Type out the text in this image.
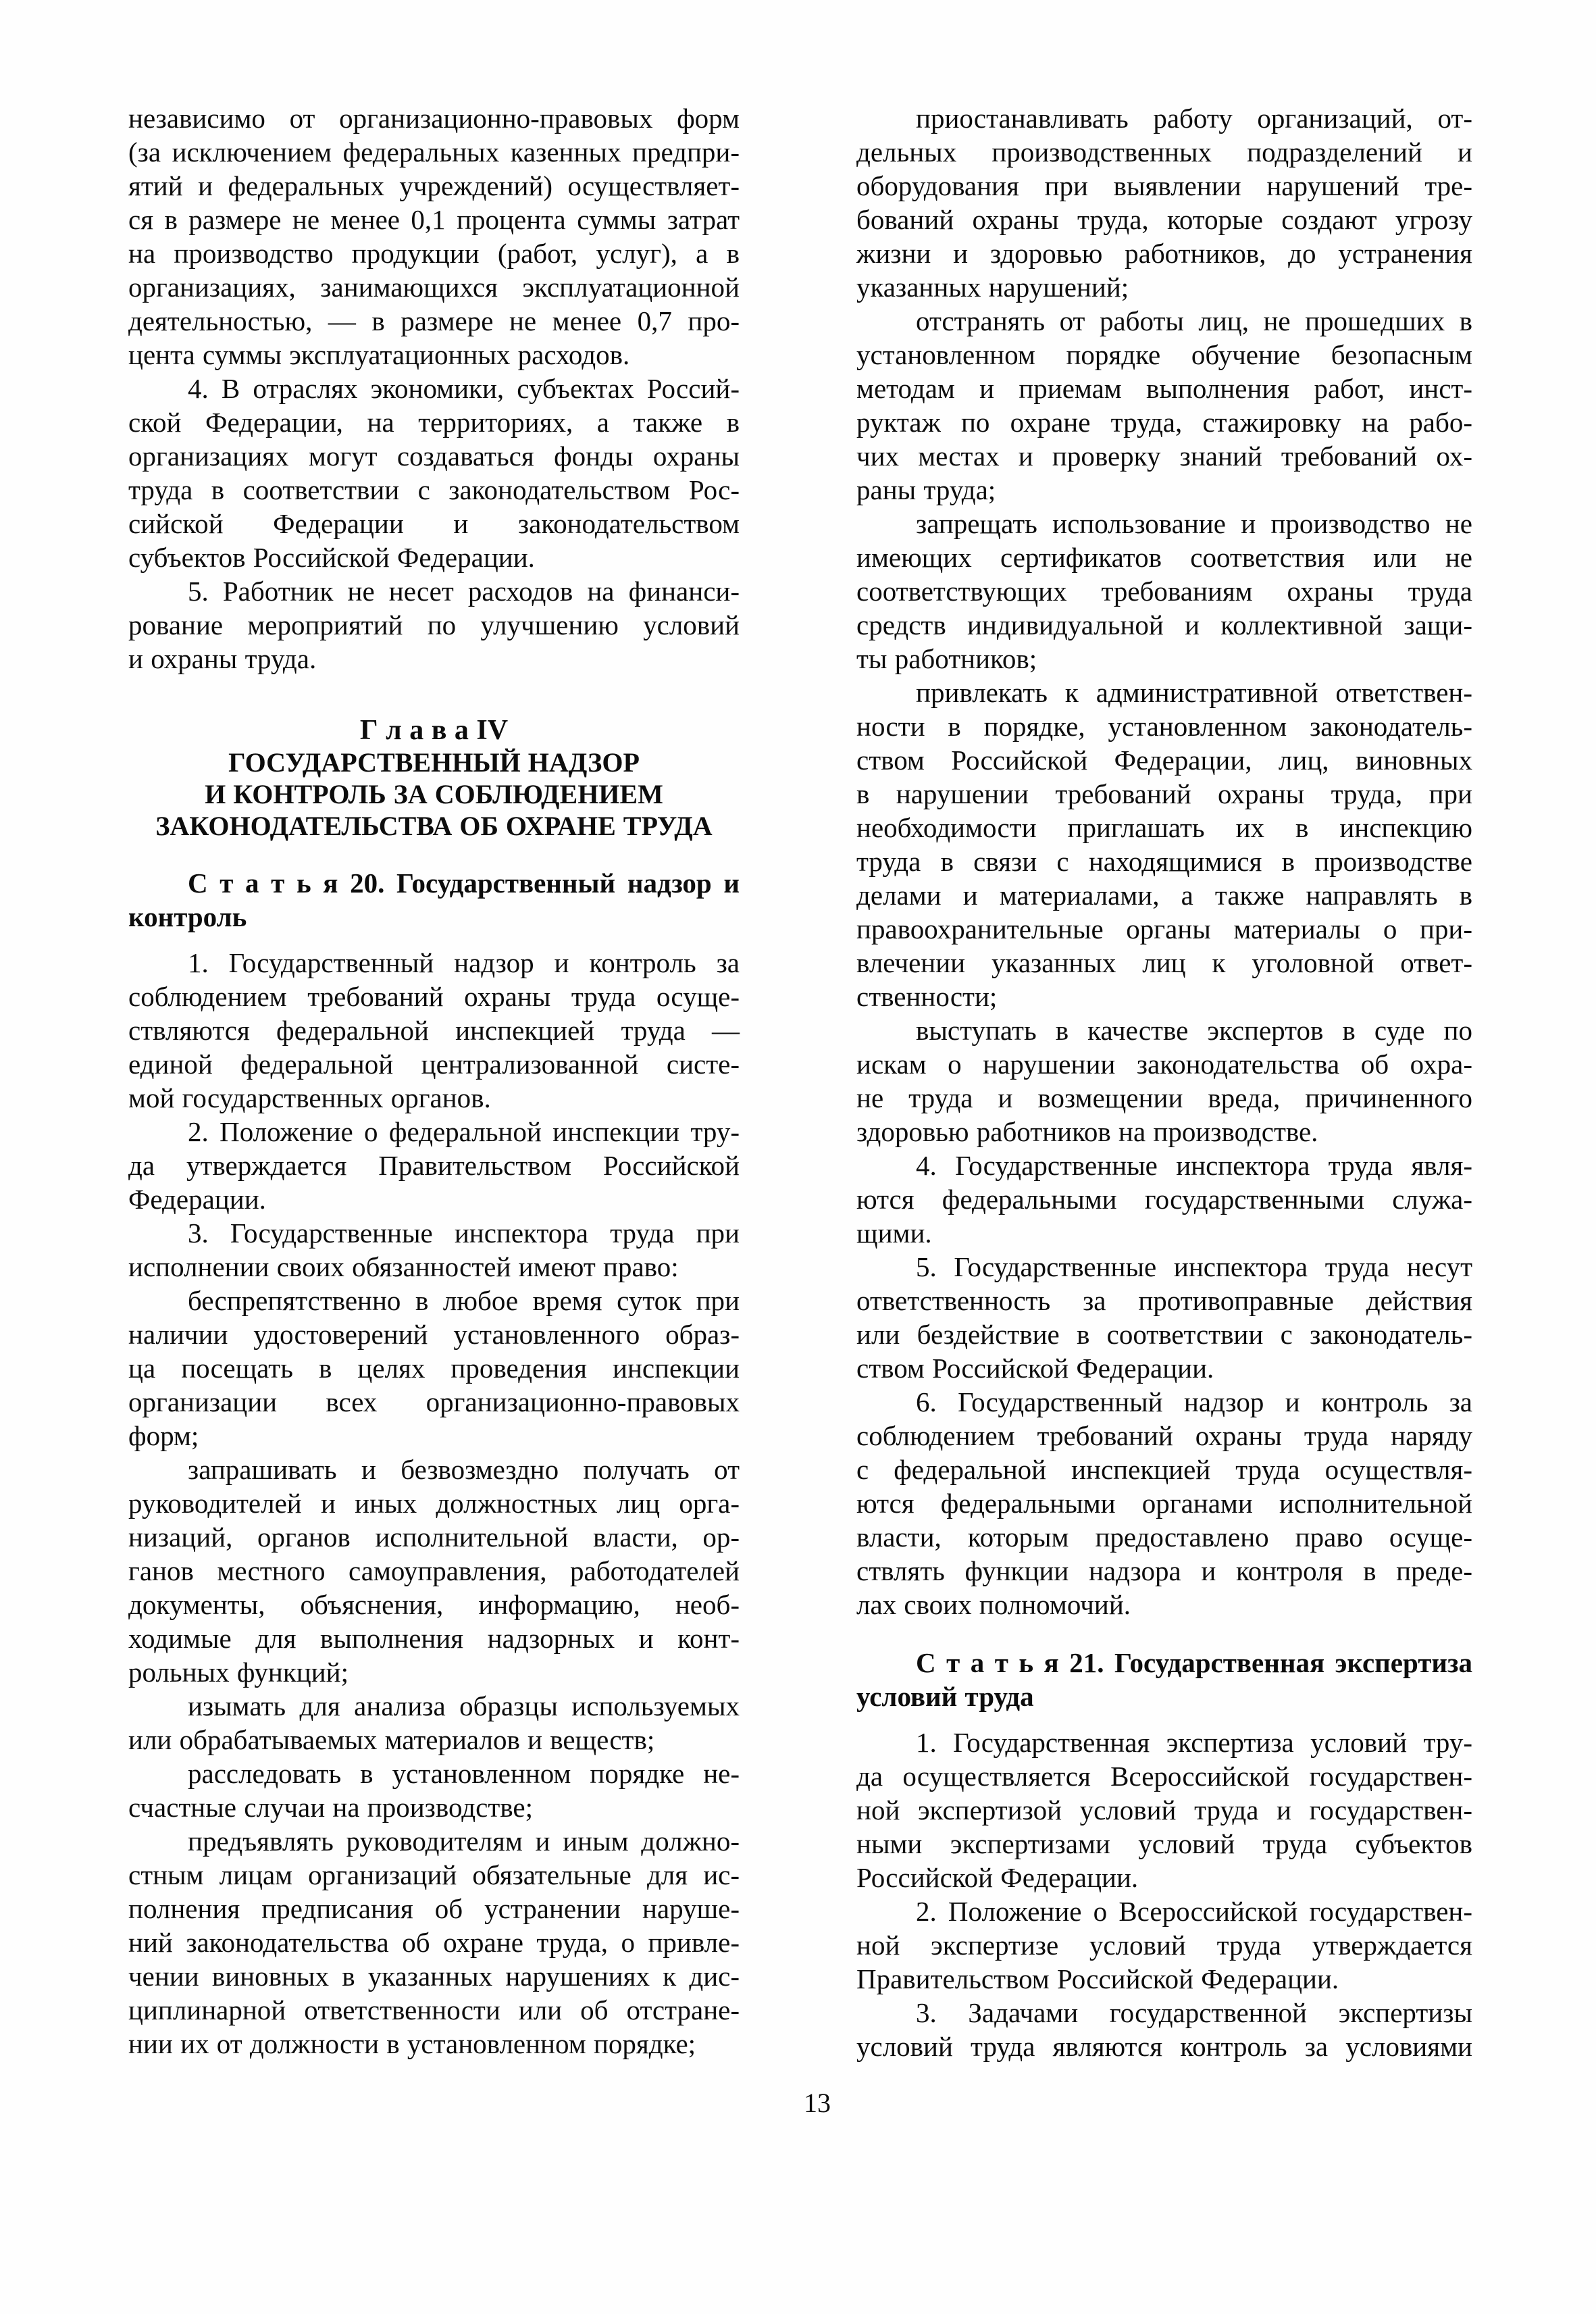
независимо от организационно-правовых форм
(за исключением федеральных казенных предпри-
ятий и федеральных учреждений) осуществляет-
ся в размере не менее 0,1 процента суммы затрат
на производство продукции (работ, услуг), а в
организациях, занимающихся эксплуатационной
деятельностью, — в размере не менее 0,7 про-
цента суммы эксплуатационных расходов.
4. В отраслях экономики, субъектах Россий-
ской Федерации, на территориях, а также в
организациях могут создаваться фонды охраны
труда в соответствии с законодательством Рос-
сийской Федерации и законодательством
субъектов Российской Федерации.
5. Работник не несет расходов на финанси-
рование мероприятий по улучшению условий
и охраны труда.
Г л а в а IV
ГОСУДАРСТВЕННЫЙ НАДЗОР
И КОНТРОЛЬ ЗА СОБЛЮДЕНИЕМ
ЗАКОНОДАТЕЛЬСТВА ОБ ОХРАНЕ ТРУДА
С т а т ь я 20. Государственный надзор и
контроль
1. Государственный надзор и контроль за
соблюдением требований охраны труда осуще-
ствляются федеральной инспекцией труда —
единой федеральной централизованной систе-
мой государственных органов.
2. Положение о федеральной инспекции тру-
да утверждается Правительством Российской
Федерации.
3. Государственные инспектора труда при
исполнении своих обязанностей имеют право:
беспрепятственно в любое время суток при
наличии удостоверений установленного образ-
ца посещать в целях проведения инспекции
организации всех организационно-правовых
форм;
запрашивать и безвозмездно получать от
руководителей и иных должностных лиц орга-
низаций, органов исполнительной власти, ор-
ганов местного самоуправления, работодателей
документы, объяснения, информацию, необ-
ходимые для выполнения надзорных и конт-
рольных функций;
изымать для анализа образцы используемых
или обрабатываемых материалов и веществ;
расследовать в установленном порядке не-
счастные случаи на производстве;
предъявлять руководителям и иным должно-
стным лицам организаций обязательные для ис-
полнения предписания об устранении наруше-
ний законодательства об охране труда, о привле-
чении виновных в указанных нарушениях к дис-
циплинарной ответственности или об отстране-
нии их от должности в установленном порядке;
приостанавливать работу организаций, от-
дельных производственных подразделений и
оборудования при выявлении нарушений тре-
бований охраны труда, которые создают угрозу
жизни и здоровью работников, до устранения
указанных нарушений;
отстранять от работы лиц, не прошедших в
установленном порядке обучение безопасным
методам и приемам выполнения работ, инст-
руктаж по охране труда, стажировку на рабо-
чих местах и проверку знаний требований ох-
раны труда;
запрещать использование и производство не
имеющих сертификатов соответствия или не
соответствующих требованиям охраны труда
средств индивидуальной и коллективной защи-
ты работников;
привлекать к административной ответствен-
ности в порядке, установленном законодатель-
ством Российской Федерации, лиц, виновных
в нарушении требований охраны труда, при
необходимости приглашать их в инспекцию
труда в связи с находящимися в производстве
делами и материалами, а также направлять в
правоохранительные органы материалы о при-
влечении указанных лиц к уголовной ответ-
ственности;
выступать в качестве экспертов в суде по
искам о нарушении законодательства об охра-
не труда и возмещении вреда, причиненного
здоровью работников на производстве.
4. Государственные инспектора труда явля-
ются федеральными государственными служа-
щими.
5. Государственные инспектора труда несут
ответственность за противоправные действия
или бездействие в соответствии с законодатель-
ством Российской Федерации.
6. Государственный надзор и контроль за
соблюдением требований охраны труда наряду
с федеральной инспекцией труда осуществля-
ются федеральными органами исполнительной
власти, которым предоставлено право осуще-
ствлять функции надзора и контроля в преде-
лах своих полномочий.
С т а т ь я 21. Государственная экспертиза
условий труда
1. Государственная экспертиза условий тру-
да осуществляется Всероссийской государствен-
ной экспертизой условий труда и государствен-
ными экспертизами условий труда субъектов
Российской Федерации.
2. Положение о Всероссийской государствен-
ной экспертизе условий труда утверждается
Правительством Российской Федерации.
3. Задачами государственной экспертизы
условий труда являются контроль за условиями
13
